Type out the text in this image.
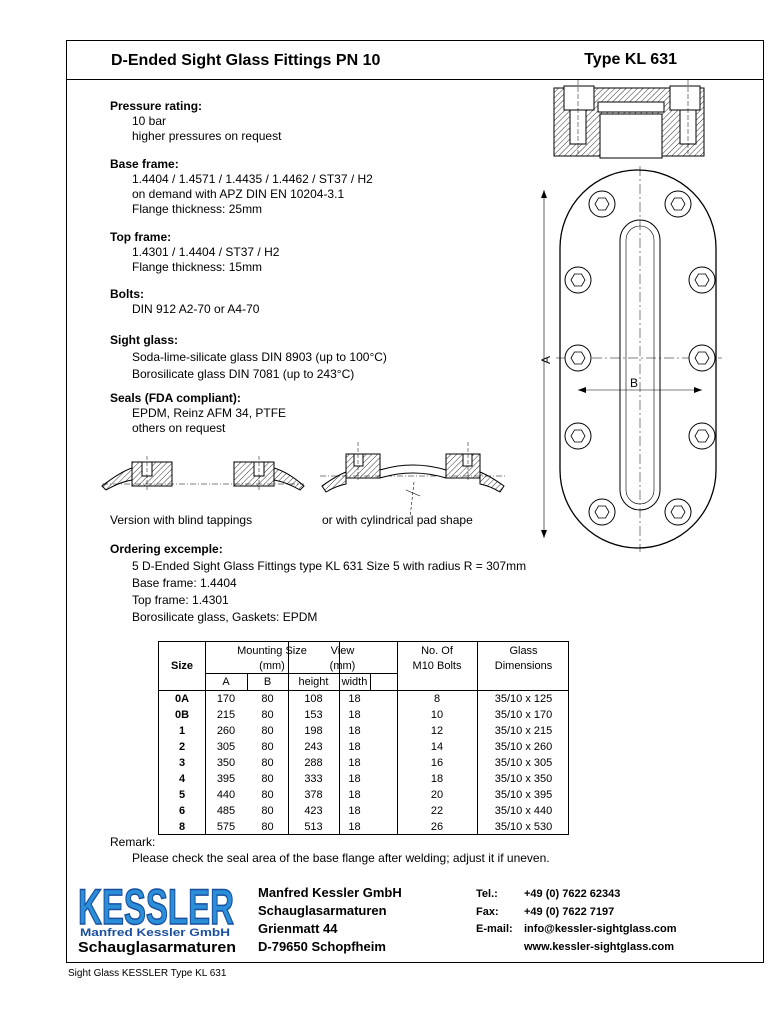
D-Ended Sight Glass Fittings PN 10	Type KL 631
Pressure rating:
10 bar
higher pressures on request
Base frame:
1.4404 / 1.4571 / 1.4435 / 1.4462 / ST37 / H2
on demand with APZ DIN EN 10204-3.1
Flange thickness: 25mm
Top frame:
1.4301 / 1.4404 / ST37 / H2
Flange thickness: 15mm
Bolts:
DIN 912 A2-70 or A4-70
Sight glass:
Soda-lime-silicate glass DIN 8903 (up to 100°C)
Borosilicate glass DIN 7081 (up to 243°C)
Seals (FDA compliant):
EPDM, Reinz AFM 34, PTFE
others on request
Version with blind tappings	or with cylindrical pad shape
A
B
Ordering excemple:
5 D-Ended Sight Glass Fittings type KL 631 Size 5 with radius R = 307mm
Base frame: 1.4404
Top frame: 1.4301
Borosilicate glass, Gaskets: EPDM
Size
Mounting Size
(mm)
View
(mm)
No. Of
M10 Bolts
Glass
Dimensions
A	B	height	width
0A	170	80	108	18	8	35/10 x 125
0B	215	80	153	18	10	35/10 x 170
1	260	80	198	18	12	35/10 x 215
2	305	80	243	18	14	35/10 x 260
3	350	80	288	18	16	35/10 x 305
4	395	80	333	18	18	35/10 x 350
5	440	80	378	18	20	35/10 x 395
6	485	80	423	18	22	35/10 x 440
8	575	80	513	18	26	35/10 x 530
Remark:
Please check the seal area of the base flange after welding; adjust it if uneven.
KESSLER
Manfred Kessler GmbH
Schauglasarmaturen
Manfred Kessler GmbH
Schauglasarmaturen
Grienmatt 44
D-79650 Schopfheim
Tel.: +49 (0) 7622 62343
Fax: +49 (0) 7622 7197
E-mail: info@kessler-sightglass.com
www.kessler-sightglass.com
Sight Glass KESSLER Type KL 631
